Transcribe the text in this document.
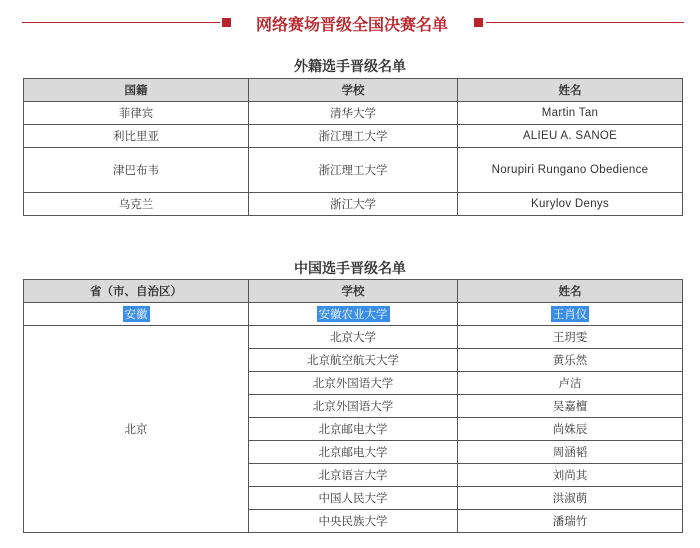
网络赛场晋级全国决赛名单
外籍选手晋级名单
国籍	学校	姓名
菲律宾	清华大学	Martin Tan
利比里亚	浙江理工大学	ALIEU A. SANOE
津巴布韦	浙江理工大学	Norupiri Rungano Obedience
乌克兰	浙江大学	Kurylov Denys
中国选手晋级名单
省（市、自治区）	学校	姓名
安徽	安徽农业大学	王肖仪
北京	北京大学	王玥雯
	北京航空航天大学	黄乐然
	北京外国语大学	卢洁
	北京外国语大学	吴嘉檀
	北京邮电大学	尚姝辰
	北京邮电大学	周涵韬
	北京语言大学	刘尚其
	中国人民大学	洪淑萌
	中央民族大学	潘瑞竹
